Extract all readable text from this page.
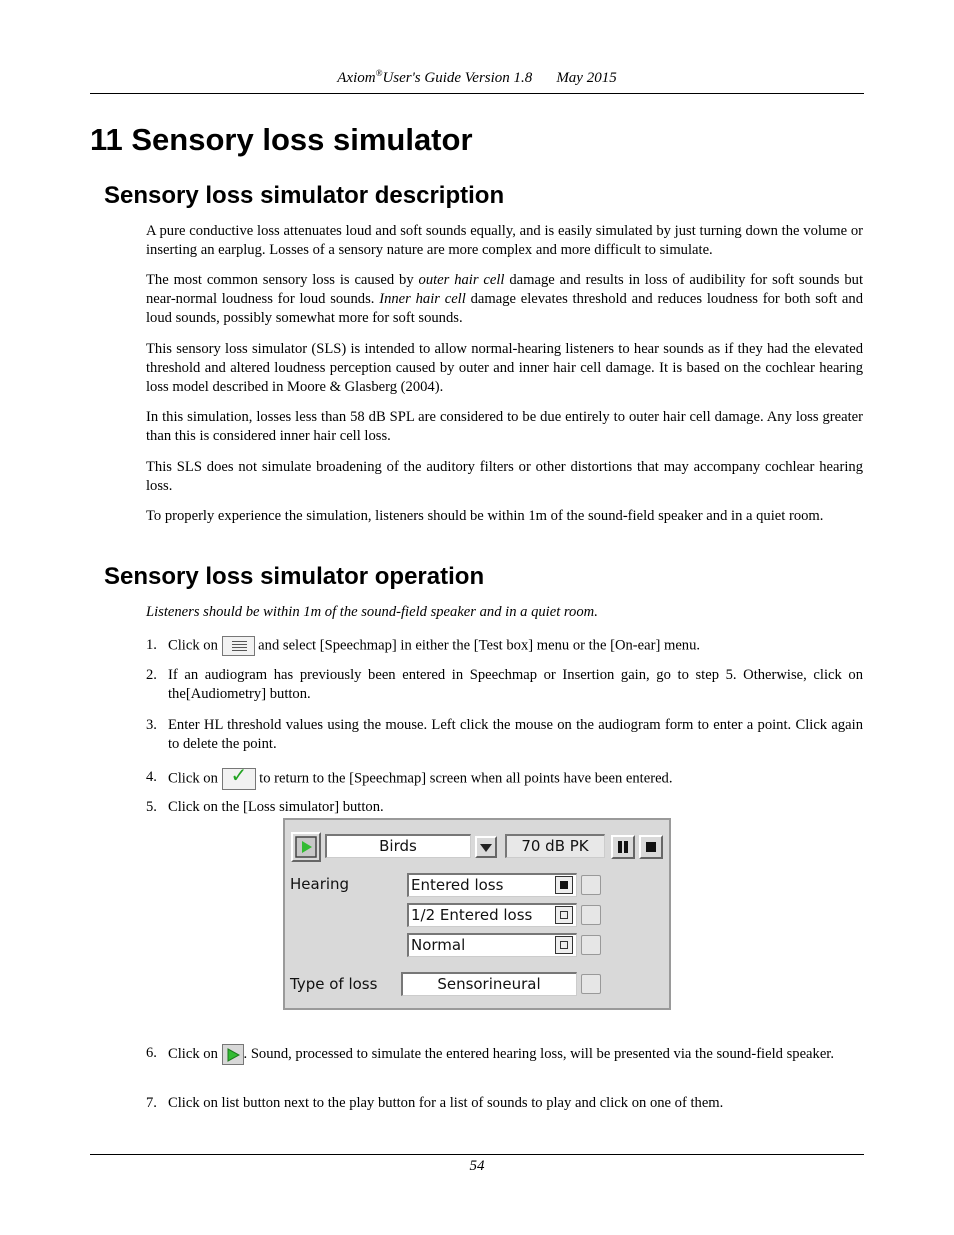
Axiom®User's Guide Version 1.8 May 2015
11 Sensory loss simulator
Sensory loss simulator description

A pure conductive loss attenuates loud and soft sounds equally, and is easily simulated by just turning down the volume or inserting an earplug. Losses of a sensory nature are more complex and more difficult to simulate.

The most common sensory loss is caused by outer hair cell damage and results in loss of audibility for soft sounds but near-normal loudness for loud sounds. Inner hair cell damage elevates threshold and reduces loudness for both soft and loud sounds, possibly somewhat more for soft sounds.

This sensory loss simulator (SLS) is intended to allow normal-hearing listeners to hear sounds as if they had the elevated threshold and altered loudness perception caused by outer and inner hair cell damage. It is based on the cochlear hearing loss model described in Moore & Glasberg (2004).

In this simulation, losses less than 58 dB SPL are considered to be due entirely to outer hair cell damage. Any loss greater than this is considered inner hair cell loss.

This SLS does not simulate broadening of the auditory filters or other distortions that may accompany cochlear hearing loss.

To properly experience the simulation, listeners should be within 1m of the sound-field speaker and in a quiet room.

Sensory loss simulator operation

Listeners should be within 1m of the sound-field speaker and in a quiet room.

1. Click on
and select [Speechmap] in either the [Test box] menu or the [On-ear] menu.
2. If an audiogram has previously been entered in Speechmap or Insertion gain, go to step 5. Otherwise, click on the[Audiometry] button.
3. Enter HL threshold values using the mouse. Left click the mouse on the audiogram form to enter a point. Click again to delete the point.
4. Click on ✓ to return to the [Speechmap] screen when all points have been entered.
5. Click on the [Loss simulator] button.
Birds	70 dB PK
Hearing	Entered loss
1/2 Entered loss
Normal
Type of loss	Sensorineural
6. Click on
. Sound, processed to simulate the entered hearing loss, will be presented via the sound-field speaker.
7. Click on list button next to the play button for a list of sounds to play and click on one of them.
54
